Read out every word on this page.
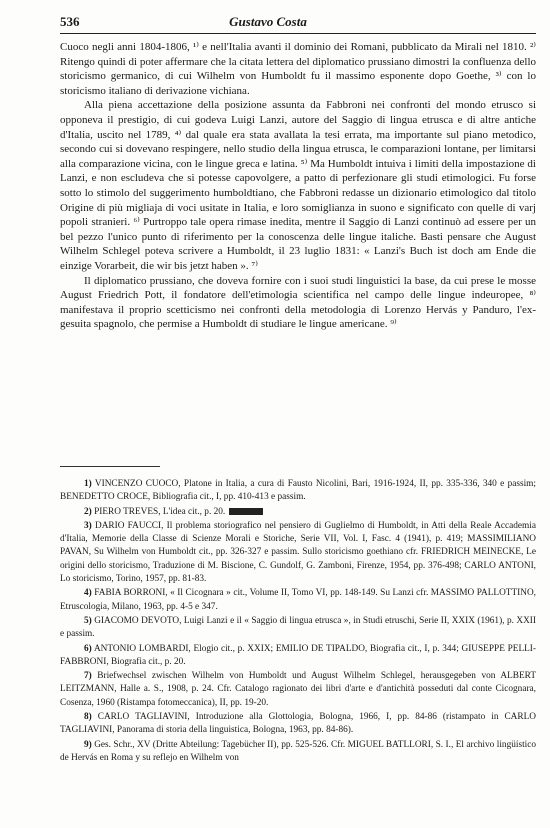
536	Gustavo Costa

Cuoco negli anni 1804-1806, ¹⁾ e nell'Italia avanti il dominio dei Romani, pubblicato da Mirali nel 1810. ²⁾ Ritengo quindi di poter affermare che la citata lettera del diplomatico prussiano dimostri la confluenza dello storicismo germanico, di cui Wilhelm von Humboldt fu il massimo esponente dopo Goethe, ³⁾ con lo storicismo italiano di derivazione vichiana.

Alla piena accettazione della posizione assunta da Fabbroni nei confronti del mondo etrusco si opponeva il prestigio, di cui godeva Luigi Lanzi, autore del Saggio di lingua etrusca e di altre antiche d'Italia, uscito nel 1789, ⁴⁾ dal quale era stata avallata la tesi errata, ma importante sul piano metodico, secondo cui si dovevano respingere, nello studio della lingua etrusca, le comparazioni lontane, per limitarsi alla comparazione vicina, con le lingue greca e latina. ⁵⁾ Ma Humboldt intuiva i limiti della impostazione di Lanzi, e non escludeva che si potesse capovolgere, a patto di perfezionare gli studi etimologici. Fu forse sotto lo stimolo del suggerimento humboldtiano, che Fabbroni redasse un dizionario etimologico dal titolo Origine di più migliaja di voci usitate in Italia, e loro somiglianza in suono e significato con quelle di varj popoli stranieri. ⁶⁾ Purtroppo tale opera rimase inedita, mentre il Saggio di Lanzi continuò ad essere per un bel pezzo l'unico punto di riferimento per la conoscenza delle lingue italiche. Basti pensare che August Wilhelm Schlegel poteva scrivere a Humboldt, il 23 luglio 1831: « Lanzi's Buch ist doch am Ende die einzige Vorarbeit, die wir bis jetzt haben ». ⁷⁾

Il diplomatico prussiano, che doveva fornire con i suoi studi linguistici la base, da cui prese le mosse August Friedrich Pott, il fondatore dell'etimologia scientifica nel campo delle lingue indeuropee, ⁸⁾ manifestava il proprio scetticismo nei confronti della metodologia di Lorenzo Hervás y Panduro, l'ex-gesuita spagnolo, che permise a Humboldt di studiare le lingue americane. ⁹⁾

1) VINCENZO CUOCO, Platone in Italia, a cura di Fausto Nicolini, Bari, 1916-1924, II, pp. 335-336, 340 e passim; BENEDETTO CROCE, Bibliografia cit., I, pp. 410-413 e passim.

2) PIERO TREVES, L'idea cit., p. 20.

3) DARIO FAUCCI, Il problema storiografico nel pensiero di Guglielmo di Humboldt, in Atti della Reale Accademia d'Italia, Memorie della Classe di Scienze Morali e Storiche, Serie VII, Vol. I, Fasc. 4 (1941), p. 419; MASSIMILIANO PAVAN, Su Wilhelm von Humboldt cit., pp. 326-327 e passim. Sullo storicismo goethiano cfr. FRIEDRICH MEINECKE, Le origini dello storicismo, Traduzione di M. Biscione, C. Gundolf, G. Zamboni, Firenze, 1954, pp. 376-498; CARLO ANTONI, Lo storicismo, Torino, 1957, pp. 81-83.

4) FABIA BORRONI, « Il Cicognara » cit., Volume II, Tomo VI, pp. 148-149. Su Lanzi cfr. MASSIMO PALLOTTINO, Etruscologia, Milano, 1963, pp. 4-5 e 347.

5) GIACOMO DEVOTO, Luigi Lanzi e il « Saggio di lingua etrusca », in Studi etruschi, Serie II, XXIX (1961), p. XXII e passim.

6) ANTONIO LOMBARDI, Elogio cit., p. XXIX; EMILIO DE TIPALDO, Biografia cit., I, p. 344; GIUSEPPE PELLI-FABBRONI, Biografia cit., p. 20.

7) Briefwechsel zwischen Wilhelm von Humboldt und August Wilhelm Schlegel, herausgegeben von ALBERT LEITZMANN, Halle a. S., 1908, p. 24. Cfr. Catalogo ragionato dei libri d'arte e d'antichità posseduti dal conte Cicognara, Cosenza, 1960 (Ristampa fotomeccanica), II, pp. 19-20.

8) CARLO TAGLIAVINI, Introduzione alla Glottologia, Bologna, 1966, I, pp. 84-86 (ristampato in CARLO TAGLIAVINI, Panorama di storia della linguistica, Bologna, 1963, pp. 84-86).

9) Ges. Schr., XV (Dritte Abteilung: Tagebücher II), pp. 525-526. Cfr. MIGUEL BATLLORI, S. I., El archivo lingüístico de Hervás en Roma y su reflejo en Wilhelm von
